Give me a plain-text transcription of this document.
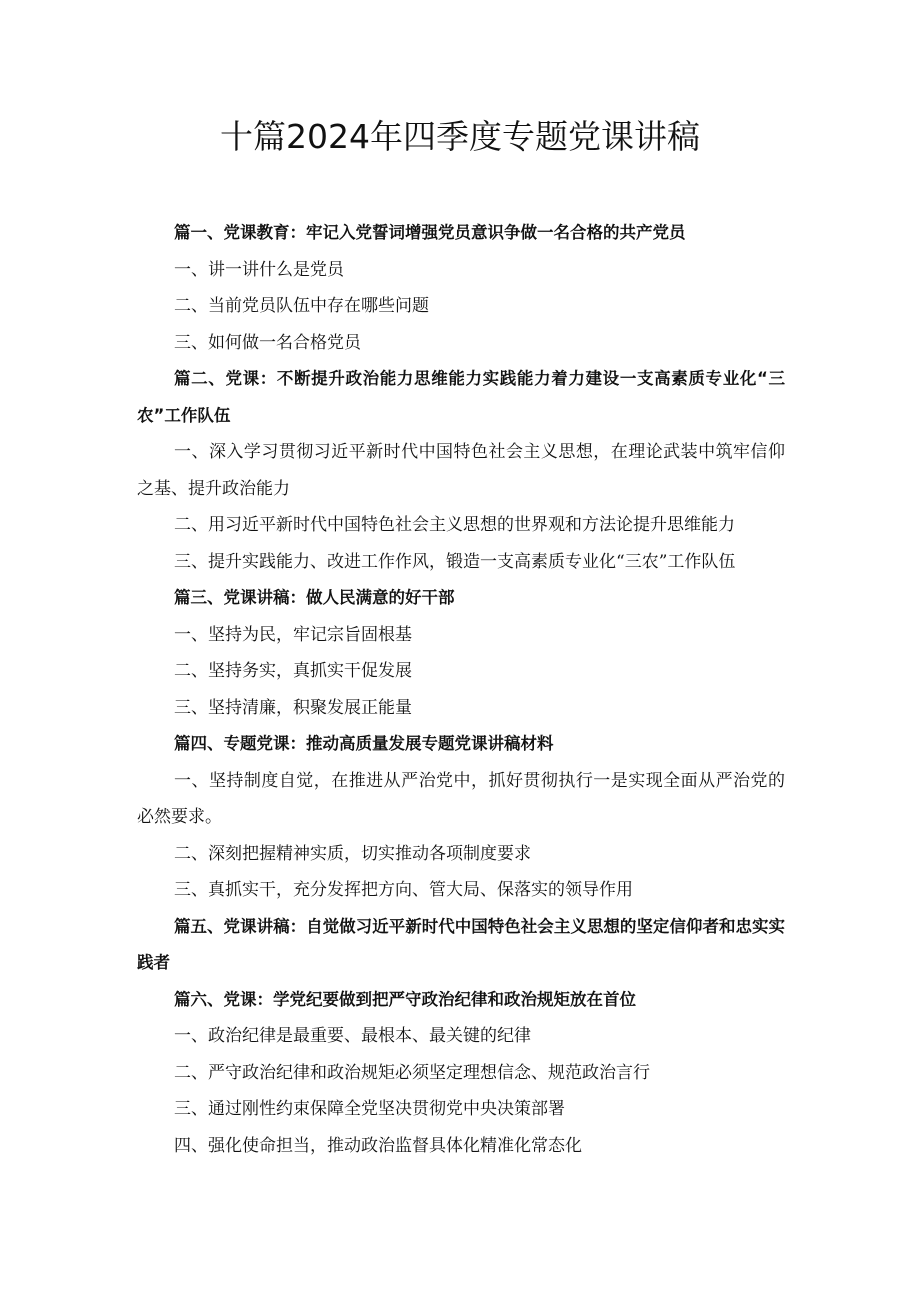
十篇2024年四季度专题党课讲稿

篇一、党课教育：牢记入党誓词增强党员意识争做一名合格的共产党员

一、讲一讲什么是党员

二、当前党员队伍中存在哪些问题

三、如何做一名合格党员

篇二、党课：不断提升政治能力思维能力实践能力着力建设一支高素质专业化“三农”工作队伍

一、深入学习贯彻习近平新时代中国特色社会主义思想，在理论武装中筑牢信仰之基、提升政治能力

二、用习近平新时代中国特色社会主义思想的世界观和方法论提升思维能力

三、提升实践能力、改进工作作风，锻造一支高素质专业化“三农”工作队伍

篇三、党课讲稿：做人民满意的好干部

一、坚持为民，牢记宗旨固根基

二、坚持务实，真抓实干促发展

三、坚持清廉，积聚发展正能量

篇四、专题党课：推动高质量发展专题党课讲稿材料

一、坚持制度自觉，在推进从严治党中，抓好贯彻执行一是实现全面从严治党的必然要求。

二、深刻把握精神实质，切实推动各项制度要求

三、真抓实干，充分发挥把方向、管大局、保落实的领导作用

篇五、党课讲稿：自觉做习近平新时代中国特色社会主义思想的坚定信仰者和忠实实践者

篇六、党课：学党纪要做到把严守政治纪律和政治规矩放在首位

一、政治纪律是最重要、最根本、最关键的纪律

二、严守政治纪律和政治规矩必须坚定理想信念、规范政治言行

三、通过刚性约束保障全党坚决贯彻党中央决策部署

四、强化使命担当，推动政治监督具体化精准化常态化
